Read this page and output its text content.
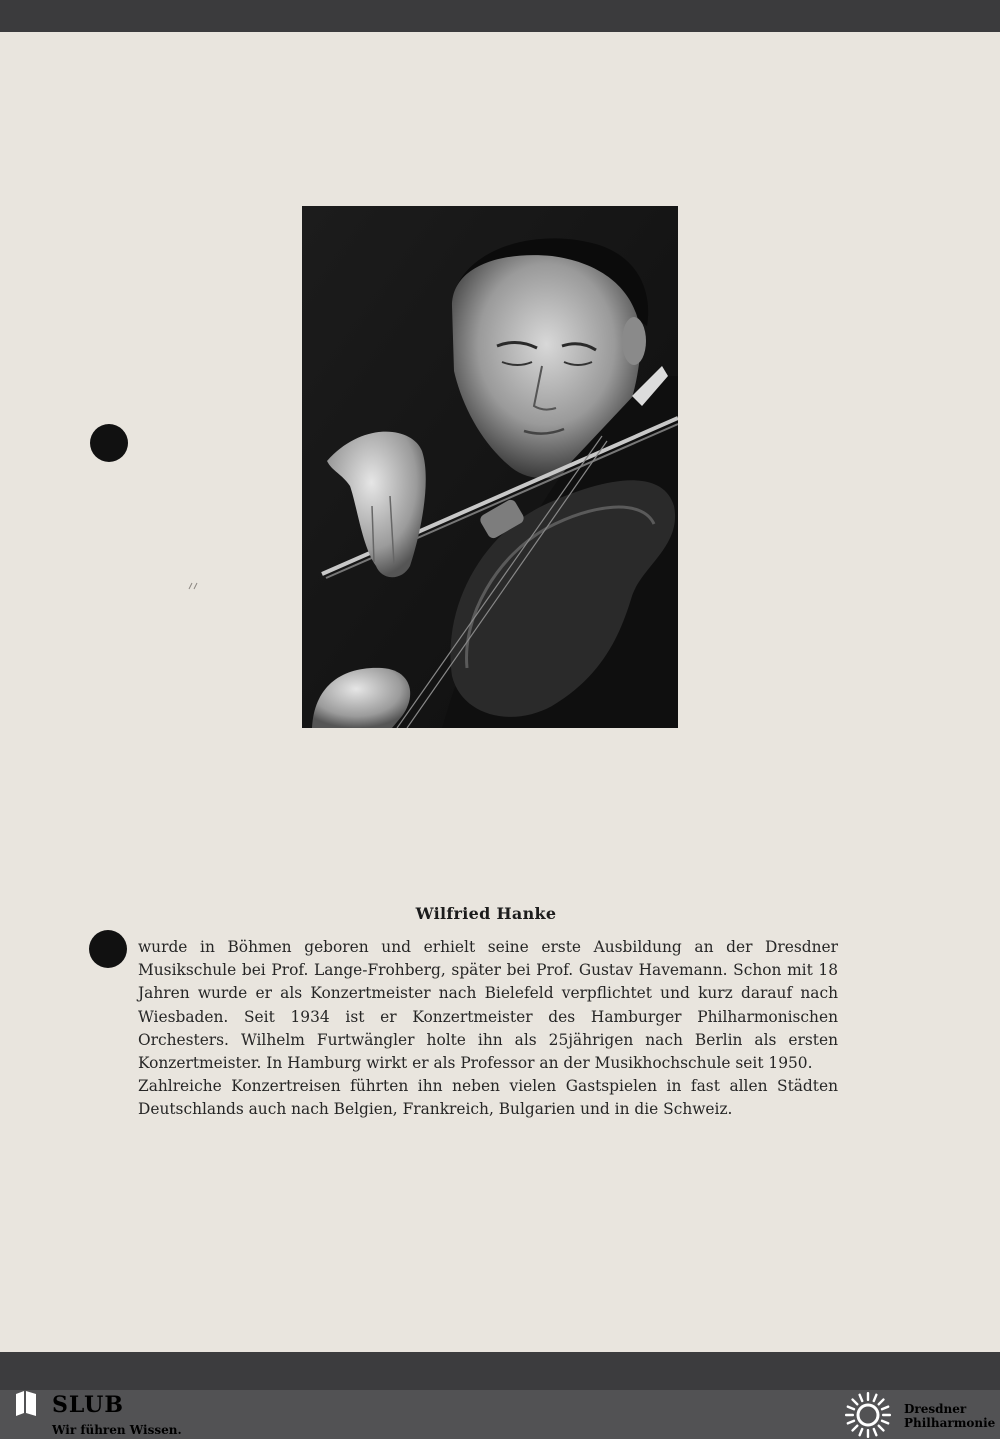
Wilfried Hanke

wurde in Böhmen geboren und erhielt seine erste Ausbildung an der Dresdner Musikschule bei Prof. Lange-Frohberg, später bei Prof. Gustav Havemann. Schon mit 18 Jahren wurde er als Konzertmeister nach Bielefeld verpflichtet und kurz darauf nach Wiesbaden. Seit 1934 ist er Konzertmeister des Hamburger Philharmonischen Orchesters. Wilhelm Furtwängler holte ihn als 25jährigen nach Berlin als ersten Konzertmeister. In Hamburg wirkt er als Professor an der Musikhochschule seit 1950.

Zahlreiche Konzertreisen führten ihn neben vielen Gastspielen in fast allen Städten Deutschlands auch nach Belgien, Frankreich, Bulgarien und in die Schweiz.

SLUB
Wir führen Wissen.
Dresdner Philharmonie
